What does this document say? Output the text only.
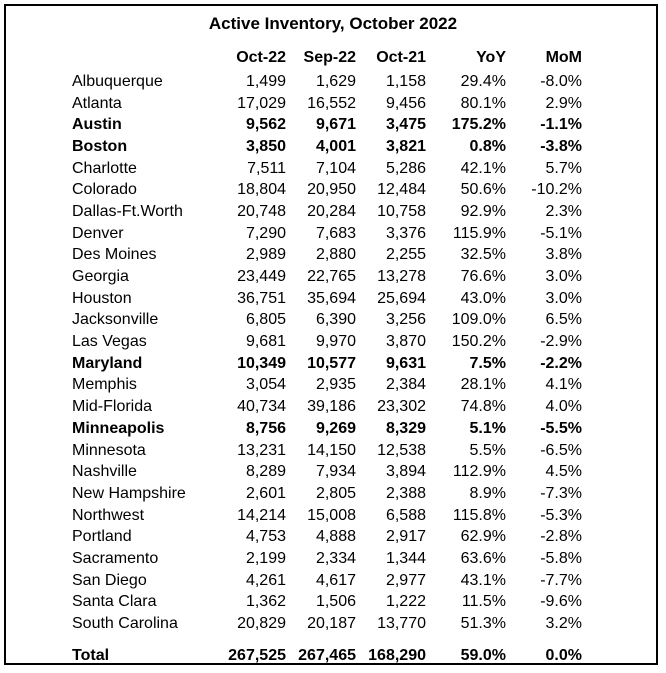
Active Inventory, October 2022
	Oct-22	Sep-22	Oct-21	YoY	MoM
Albuquerque	1,499	1,629	1,158	29.4%	-8.0%
Atlanta	17,029	16,552	9,456	80.1%	2.9%
Austin	9,562	9,671	3,475	175.2%	-1.1%
Boston	3,850	4,001	3,821	0.8%	-3.8%
Charlotte	7,511	7,104	5,286	42.1%	5.7%
Colorado	18,804	20,950	12,484	50.6%	-10.2%
Dallas-Ft.Worth	20,748	20,284	10,758	92.9%	2.3%
Denver	7,290	7,683	3,376	115.9%	-5.1%
Des Moines	2,989	2,880	2,255	32.5%	3.8%
Georgia	23,449	22,765	13,278	76.6%	3.0%
Houston	36,751	35,694	25,694	43.0%	3.0%
Jacksonville	6,805	6,390	3,256	109.0%	6.5%
Las Vegas	9,681	9,970	3,870	150.2%	-2.9%
Maryland	10,349	10,577	9,631	7.5%	-2.2%
Memphis	3,054	2,935	2,384	28.1%	4.1%
Mid-Florida	40,734	39,186	23,302	74.8%	4.0%
Minneapolis	8,756	9,269	8,329	5.1%	-5.5%
Minnesota	13,231	14,150	12,538	5.5%	-6.5%
Nashville	8,289	7,934	3,894	112.9%	4.5%
New Hampshire	2,601	2,805	2,388	8.9%	-7.3%
Northwest	14,214	15,008	6,588	115.8%	-5.3%
Portland	4,753	4,888	2,917	62.9%	-2.8%
Sacramento	2,199	2,334	1,344	63.6%	-5.8%
San Diego	4,261	4,617	2,977	43.1%	-7.7%
Santa Clara	1,362	1,506	1,222	11.5%	-9.6%
South Carolina	20,829	20,187	13,770	51.3%	3.2%

Total	267,525	267,465	168,290	59.0%	0.0%
